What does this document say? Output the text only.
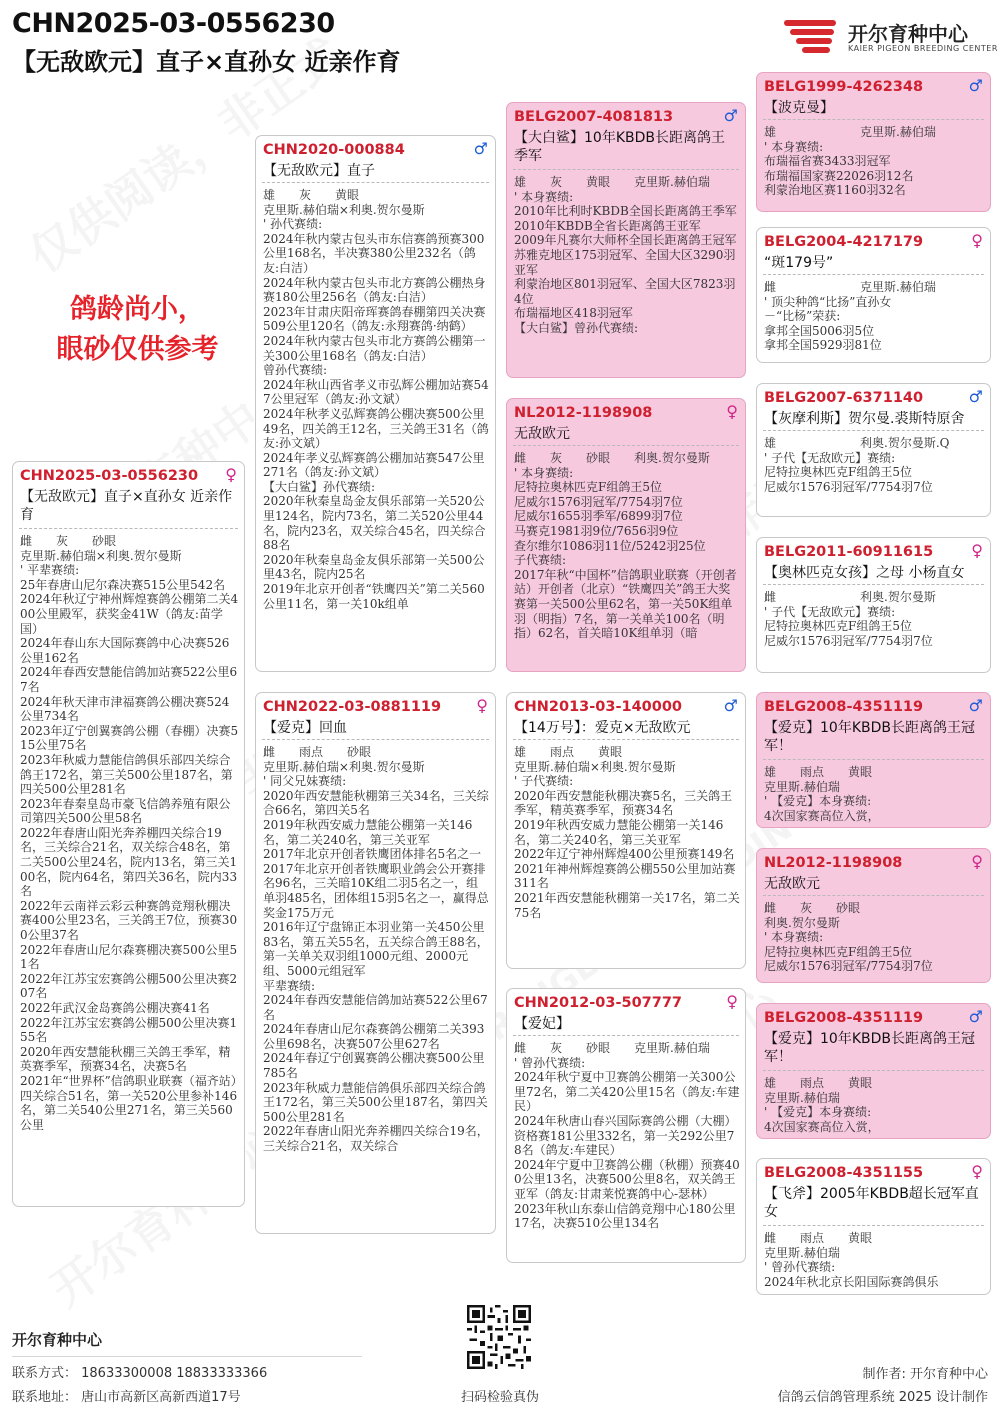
CHN2025-03-0556230
【无敌欧元】直子×直孙女 近亲作育
开尔育种中心
KAIER PIGEON BREEDING CENTER
鸽龄尚小，
眼砂仅供参考
CHN2025-03-0556230 ♀
【无敌欧元】直子×直孙女 近亲作育
雌　　灰　　砂眼
克里斯.赫伯瑞×利奥.贺尔曼斯
' 平辈赛绩:
25年春唐山尼尔森决赛515公里542名
2024年秋辽宁神州辉煌赛鸽公棚第二关400公里殿军，获奖金41W（鸽友:苗学国）
2024年春山东大国际赛鸽中心决赛526公里162名
2024年春西安慧能信鸽加站赛522公里67名
2024年秋天津市津福赛鸽公棚决赛524公里734名
2023年辽宁创翼赛鸽公棚（春棚）决赛515公里75名
2023年秋威力慧能信鸽俱乐部四关综合鸽王172名，第三关500公里187名，第四关500公里281名
2023年春秦皇岛市豪飞信鸽养殖有限公司第四关500公里58名
2022年春唐山阳光奔养棚四关综合19名，三关综合21名，双关综合48名，第二关500公里24名，院内13名，第三关100名，院内64名，第四关36名，院内33名
2022年云南祥云彩云种赛鸽竞翔秋棚决赛400公里23名，三关鸽王7位，预赛300公里37名
2022年春唐山尼尔森赛棚决赛500公里51名
2022年江苏宝宏赛鸽公棚500公里决赛207名
2022年武汉金岛赛鸽公棚决赛41名
2022年江苏宝宏赛鸽公棚500公里决赛155名
2020年西安慧能秋棚三关鸽王季军，精英赛季军，预赛34名，决赛5名
2021年“世界杯”信鸽职业联赛（福齐站）四关综合51名，第一关520公里参补146名，第二关540公里271名，第三关560公里
CHN2020-000884	♂
【无敌欧元】直子
雄　　灰　　黄眼
克里斯.赫伯瑞×利奥.贺尔曼斯
' 孙代赛绩:
2024年秋内蒙古包头市东信赛鸽预赛300公里168名，半决赛380公里232名（鸽友:白洁）
2024年秋内蒙古包头市北方赛鸽公棚热身赛180公里256名（鸽友:白洁）
2023年甘肃庆阳帝珲赛鸽春棚第四关决赛509公里120名（鸽友:永翔赛鸽·纳鹤）
2024年秋内蒙古包头市北方赛鸽公棚第一关300公里168名（鸽友:白洁）
曾孙代赛绩:
2024年秋山西省孝义市弘辉公棚加站赛547公里冠军（鸽友:孙文斌）
2024年秋孝义弘辉赛鸽公棚决赛500公里49名，四关鸽王12名，三关鸽王31名（鸽友:孙文斌）
2024年孝义弘辉赛鸽公棚加站赛547公里271名（鸽友:孙文斌）
【大白鲨】孙代赛绩:
2020年秋秦皇岛金友俱乐部第一关520公里124名，院内73名，第二关520公里44名，院内23名，双关综合45名，四关综合88名
2020年秋秦皇岛金友俱乐部第一关500公里43名，院内25名
2019年北京开创者“铁鹰四关”第二关560公里11名，第一关10k组单
CHN2022-03-0881119 ♀
【爱克】回血
雌　　雨点　　砂眼
克里斯.赫伯瑞×利奥.贺尔曼斯
' 同父兄妹赛绩:
2020年西安慧能秋棚第三关34名，三关综合66名，第四关5名
2019年秋西安威力慧能公棚第一关146名，第二关240名，第三关亚军
2017年北京开创者铁鹰团体排名5名之一
2017年北京开创者铁鹰职业鸽会公开赛排名96名，三关暗10K组二羽5名之一，组单羽485名，团体组15羽5名之一，赢得总奖金175万元
2016年辽宁盘锦正本羽业第一关450公里83名，第五关55名，五关综合鸽王88名，第一关单关双羽组1000元组、2000元组、5000元组冠军
平辈赛绩:
2024年春西安慧能信鸽加站赛522公里67名
2024年春唐山尼尔森赛鸽公棚第二关393公里698名，决赛507公里627名
2024年春辽宁创翼赛鸽公棚决赛500公里785名
2023年秋威力慧能信鸽俱乐部四关综合鸽王172名，第三关500公里187名，第四关500公里281名
2022年春唐山阳光奔养棚四关综合19名，三关综合21名，双关综合
BELG2007-4081813	♂
【大白鲨】10年KBDB长距离鸽王季军
雄　　灰　　黄眼　　克里斯.赫伯瑞
' 本身赛绩:
2010年比利时KBDB全国长距离鸽王季军
2010年KBDB全省长距离鸽王亚军
2009年凡赛尔大师杯全国长距离鸽王冠军
苏雅克地区175羽冠军、全国大区3290羽亚军
利蒙治地区801羽冠军、全国大区7823羽4位
布瑞福地区418羽冠军
【大白鲨】曾孙代赛绩:
NL2012-1198908	♀
无敌欧元
雌　　灰　　砂眼　　利奥.贺尔曼斯
' 本身赛绩:
尼特拉奥林匹克F组鸽王5位
尼威尔1576羽冠军/7754羽7位
尼威尔1655羽季军/6899羽7位
马赛克1981羽9位/7656羽9位
查尔维尔1086羽11位/5242羽25位
子代赛绩:
2017年秋“中国杯”信鸽职业联赛（开创者站）开创者（北京）“铁鹰四关”鸽王大奖赛第一关500公里62名，第一关50K组单羽（明指）7名，第一关单关100名（明指）62名，首关暗10K组单羽（暗
CHN2013-03-140000	♂
【14万号】：爱克×无敌欧元
雄　　雨点　　黄眼
克里斯.赫伯瑞×利奥.贺尔曼斯
' 子代赛绩:
2020年西安慧能秋棚决赛5名，三关鸽王季军，精英赛季军，预赛34名
2019年秋西安威力慧能公棚第一关146名，第二关240名，第三关亚军
2022年辽宁神州辉煌400公里预赛149名
2021年神州辉煌赛鸽公棚550公里加站赛311名
2021年西安慧能秋棚第一关17名，第二关75名
CHN2012-03-507777	♀
【爱妃】
雌　　灰　　砂眼　　克里斯.赫伯瑞
' 曾孙代赛绩:
2024年秋宁夏中卫赛鸽公棚第一关300公里72名，第二关420公里15名（鸽友:车建民）
2024年秋唐山春兴国际赛鸽公棚（大棚）资格赛181公里332名，第一关292公里78名（鸽友:车建民）
2024年宁夏中卫赛鸽公棚（秋棚）预赛400公里13名，决赛500公里8名，双关鸽王亚军（鸽友:甘肃莱悦赛鸽中心-瑟林）
2023年秋山东泰山信鸽竞翔中心180公里17名，决赛510公里134名
BELG1999-4262348	♂
【波克曼】
雄　　　　　　　克里斯.赫伯瑞
' 本身赛绩:
布瑞福省赛3433羽冠军
布瑞福国家赛22026羽12名
利蒙治地区赛1160羽32名
BELG2004-4217179	♀
“斑179号”
雌　　　　　　　克里斯.赫伯瑞
' 顶尖种鸽“比扬”直孙女
－“比杨”荣获:
拿邦全国5006羽5位
拿邦全国5929羽81位
BELG2007-6371140	♂
【灰摩利斯】贺尔曼.裘斯特原舍
雄　　　　　　　利奥.贺尔曼斯.Q
' 子代【无敌欧元】赛绩:
尼特拉奥林匹克F组鸽王5位
尼威尔1576羽冠军/7754羽7位
BELG2011-60911615 ♀
【奥林匹克女孩】之母 小杨直女
雌　　　　　　　利奥.贺尔曼斯
' 子代【无敌欧元】赛绩:
尼特拉奥林匹克F组鸽王5位
尼威尔1576羽冠军/7754羽7位
BELG2008-4351119	♂
【爱克】10年KBDB长距离鸽王冠军！
雄　　雨点　　黄眼
克里斯.赫伯瑞
' 【爱克】本身赛绩:
4次国家赛高位入赏，
NL2012-1198908	♀
无敌欧元
雌　　灰　　砂眼
利奥.贺尔曼斯
' 本身赛绩:
尼特拉奥林匹克F组鸽王5位
尼威尔1576羽冠军/7754羽7位
BELG2008-4351119	♂
【爱克】10年KBDB长距离鸽王冠军！
雄　　雨点　　黄眼
克里斯.赫伯瑞
' 【爱克】本身赛绩:
4次国家赛高位入赏，
BELG2008-4351155	♀
【飞斧】2005年KBDB超长冠军直女
雌　　雨点　　黄眼
克里斯.赫伯瑞
' 曾孙代赛绩:
2024年秋北京长阳国际赛鸽俱乐
开尔育种中心
联系方式： 18633300008 18833333366
联系地址： 唐山市高新区高新西道17号	扫码检验真伪
制作者: 开尔育种中心
信鸽云信鸽管理系统 2025 设计制作
